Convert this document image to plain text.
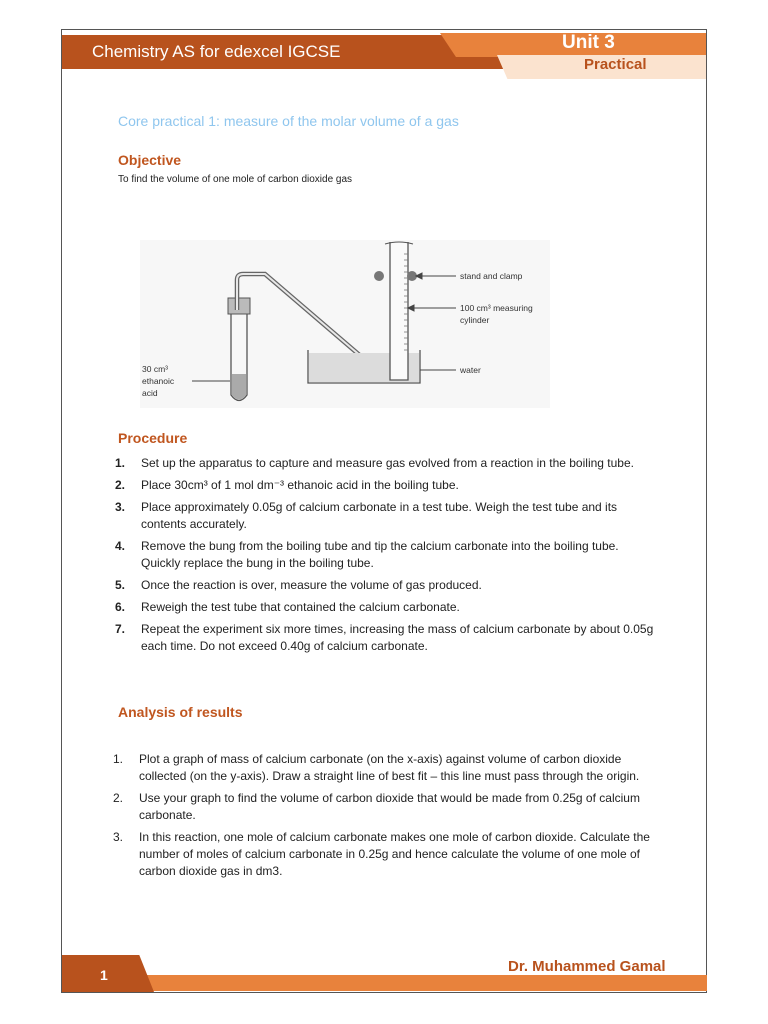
Chemistry AS for edexcel IGCSE	Unit 3
Practical
Core practical 1: measure of the molar volume of a gas
Objective
To find the volume of one mole of carbon dioxide gas
stand and clamp
100 cm³ measuring
cylinder
water
30 cm³
ethanoic
acid
Procedure
1. Set up the apparatus to capture and measure gas evolved from a reaction in the boiling tube.
2. Place 30cm³ of 1 mol dm⁻³ ethanoic acid in the boiling tube.
3. Place approximately 0.05g of calcium carbonate in a test tube. Weigh the test tube and its contents accurately.
4. Remove the bung from the boiling tube and tip the calcium carbonate into the boiling tube. Quickly replace the bung in the boiling tube.
5. Once the reaction is over, measure the volume of gas produced.
6. Reweigh the test tube that contained the calcium carbonate.
7. Repeat the experiment six more times, increasing the mass of calcium carbonate by about 0.05g each time. Do not exceed 0.40g of calcium carbonate.
Analysis of results
1. Plot a graph of mass of calcium carbonate (on the x-axis) against volume of carbon dioxide collected (on the y-axis). Draw a straight line of best fit – this line must pass through the origin.
2. Use your graph to find the volume of carbon dioxide that would be made from 0.25g of calcium carbonate.
3. In this reaction, one mole of calcium carbonate makes one mole of carbon dioxide. Calculate the number of moles of calcium carbonate in 0.25g and hence calculate the volume of one mole of carbon dioxide gas in dm3.
1	Dr. Muhammed Gamal
